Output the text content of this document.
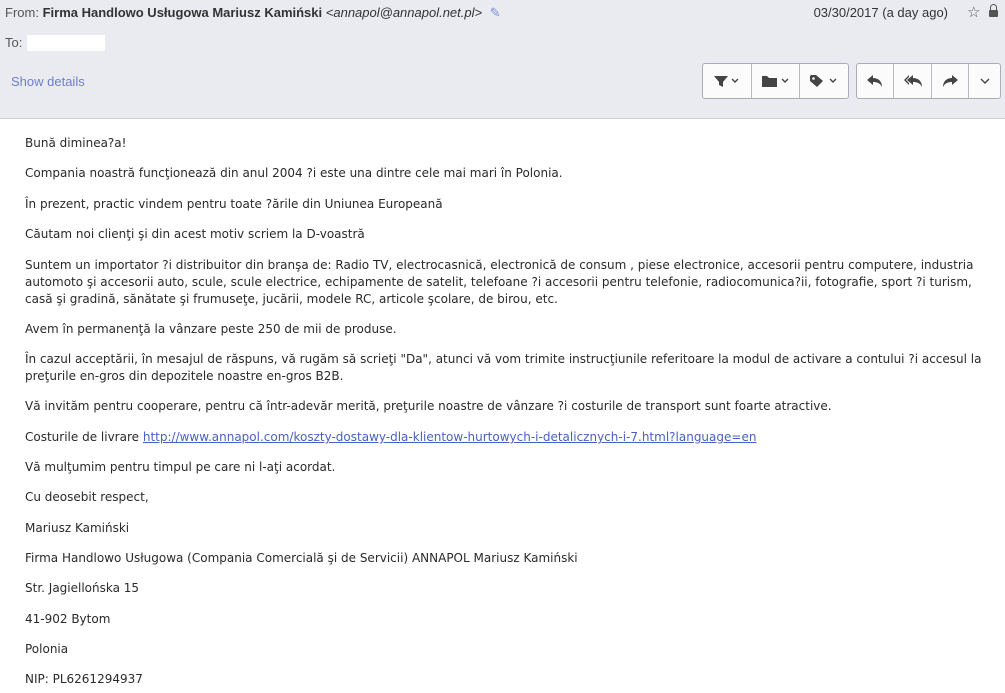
From: Firma Handlowo Usługowa Mariusz Kamiński <annapol@annapol.net.pl> ✎	03/30/2017 (a day ago) ☆
To:
Show details

Bună diminea?a!

Compania noastră funcţionează din anul 2004 ?i este una dintre cele mai mari în Polonia.

În prezent, practic vindem pentru toate ?ările din Uniunea Europeană

Căutam noi clienţi şi din acest motiv scriem la D-voastră

Suntem un importator ?i distribuitor din branşa de: Radio TV, electrocasnică, electronică de consum , piese electronice, accesorii pentru computere, industria automoto şi accesorii auto, scule, scule electrice, echipamente de satelit, telefoane ?i accesorii pentru telefonie, radiocomunica?ii, fotografie, sport ?i turism, casă şi gradină, sănătate şi frumuseţe, jucării, modele RC, articole şcolare, de birou, etc.

Avem în permanenţă la vânzare peste 250 de mii de produse.

În cazul acceptării, în mesajul de răspuns, vă rugăm să scrieţi "Da", atunci vă vom trimite instrucţiunile referitoare la modul de activare a contului ?i accesul la preţurile en-gros din depozitele noastre en-gros B2B.

Vă invităm pentru cooperare, pentru că într-adevăr merită, preţurile noastre de vânzare ?i costurile de transport sunt foarte atractive.

Costurile de livrare http://www.annapol.com/koszty-dostawy-dla-klientow-hurtowych-i-detalicznych-i-7.html?language=en

Vă mulţumim pentru timpul pe care ni l-aţi acordat.

Cu deosebit respect,

Mariusz Kamiński

Firma Handlowo Usługowa (Compania Comercială şi de Servicii) ANNAPOL Mariusz Kamiński

Str. Jagiellońska 15

41-902 Bytom

Polonia

NIP: PL6261294937
